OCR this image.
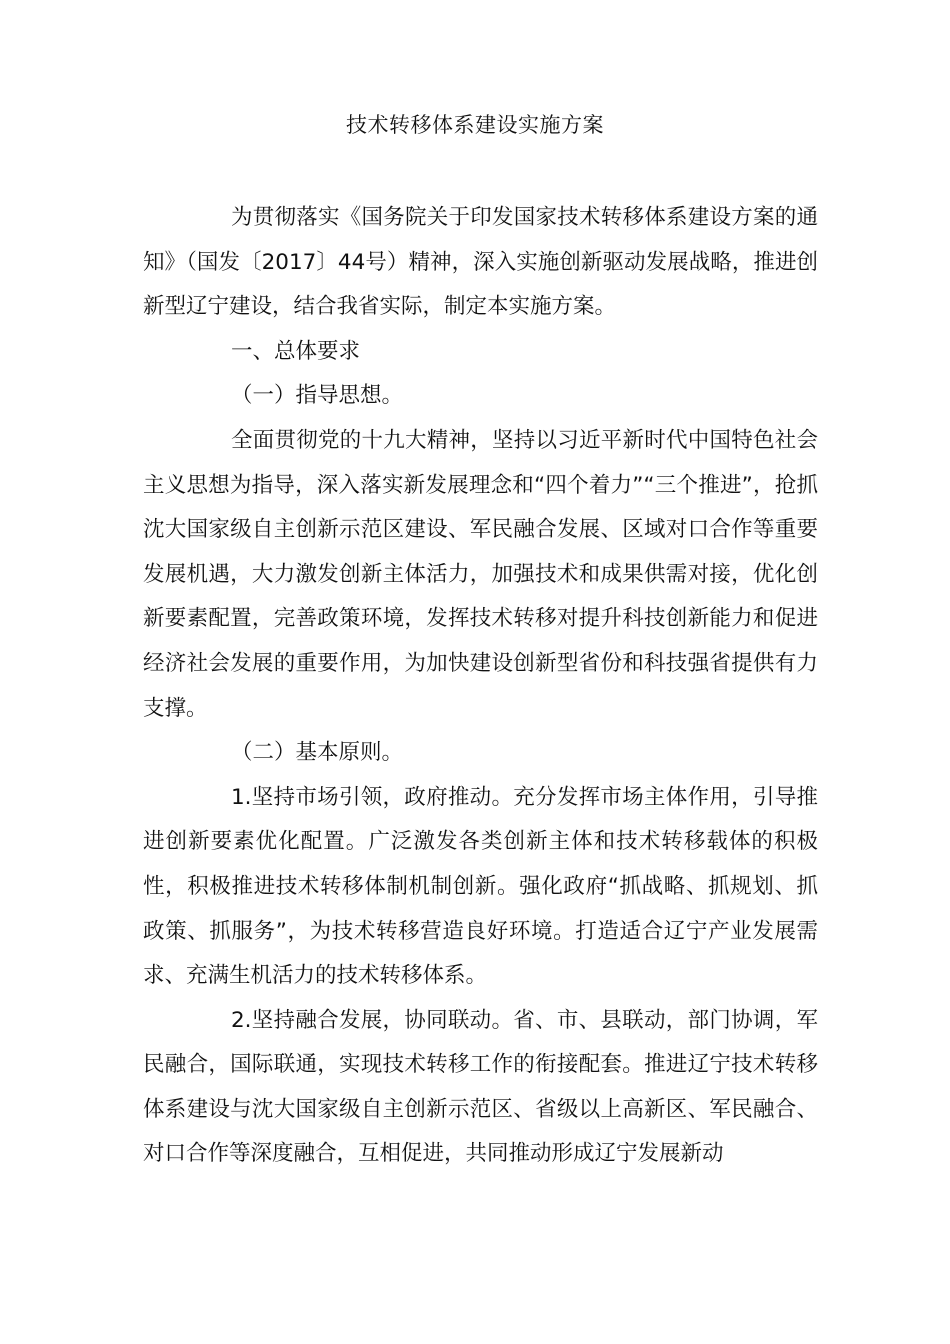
技术转移体系建设实施方案

为贯彻落实《国务院关于印发国家技术转移体系建设方案的通知》（国发〔2017〕44号）精神，深入实施创新驱动发展战略，推进创新型辽宁建设，结合我省实际，制定本实施方案。

一、总体要求

（一）指导思想。

全面贯彻党的十九大精神，坚持以习近平新时代中国特色社会主义思想为指导，深入落实新发展理念和“四个着力”“三个推进”，抢抓沈大国家级自主创新示范区建设、军民融合发展、区域对口合作等重要发展机遇，大力激发创新主体活力，加强技术和成果供需对接，优化创新要素配置，完善政策环境，发挥技术转移对提升科技创新能力和促进经济社会发展的重要作用，为加快建设创新型省份和科技强省提供有力支撑。

（二）基本原则。

1.坚持市场引领，政府推动。充分发挥市场主体作用，引导推进创新要素优化配置。广泛激发各类创新主体和技术转移载体的积极性，积极推进技术转移体制机制创新。强化政府“抓战略、抓规划、抓政策、抓服务”，为技术转移营造良好环境。打造适合辽宁产业发展需求、充满生机活力的技术转移体系。

2.坚持融合发展，协同联动。省、市、县联动，部门协调，军民融合，国际联通，实现技术转移工作的衔接配套。推进辽宁技术转移体系建设与沈大国家级自主创新示范区、省级以上高新区、军民融合、对口合作等深度融合，互相促进，共同推动形成辽宁发展新动
